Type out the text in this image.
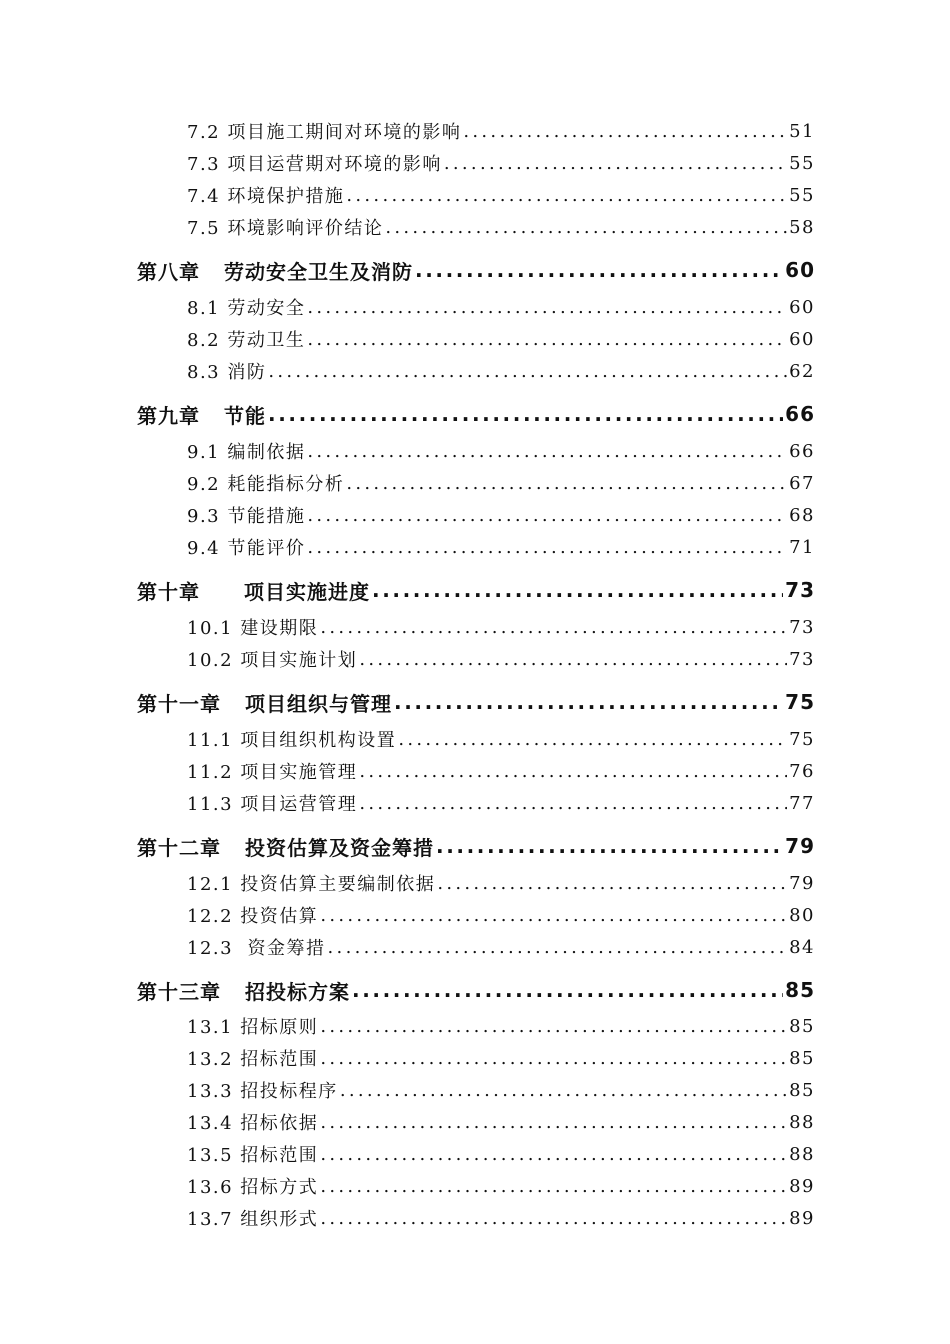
7.2 项目施工期间对环境的影响 .....	51
7.3 项目运营期对环境的影响 .....	55
7.4 环境保护措施 .....	55
7.5 环境影响评价结论 .....	58
第八章 劳动安全卫生及消防 .....	60
8.1 劳动安全 .....	60
8.2 劳动卫生 .....	60
8.3 消防 .....	62
第九章 节能 .....	66
9.1 编制依据 .....	66
9.2 耗能指标分析 .....	67
9.3 节能措施 .....	68
9.4 节能评价 .....	71
第十章 项目实施进度 .....	73
10.1 建设期限 .....	73
10.2 项目实施计划 .....	73
第十一章 项目组织与管理 .....	75
11.1 项目组织机构设置 .....	75
11.2 项目实施管理 .....	76
11.3 项目运营管理 .....	77
第十二章 投资估算及资金筹措 .....	79
12.1 投资估算主要编制依据 .....	79
12.2 投资估算 .....	80
12.3  资金筹措 .....	84
第十三章 招投标方案 .....	85
13.1 招标原则 .....	85
13.2 招标范围 .....	85
13.3 招投标程序 .....	85
13.4 招标依据 .....	88
13.5 招标范围 .....	88
13.6 招标方式 .....	89
13.7 组织形式 .....	89
